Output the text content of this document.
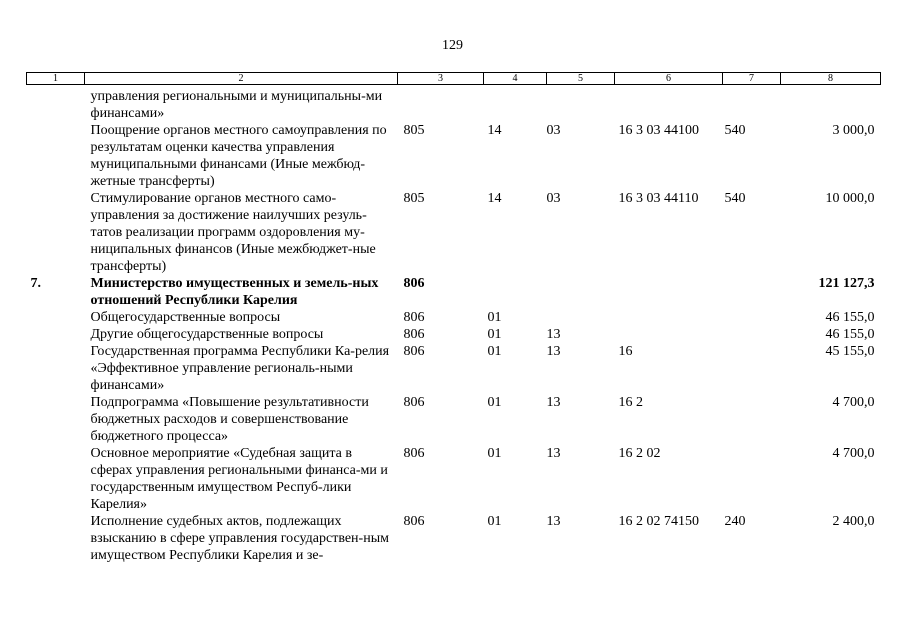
129
1	2	3	4	5	6	7	8
	управления региональными и муниципальны-ми финансами»						
	Поощрение органов местного самоуправления по результатам оценки качества управления муниципальными финансами (Иные межбюд-жетные трансферты)	805	14	03	16 3 03 44100	540	3 000,0
	Стимулирование органов местного само-управления за достижение наилучших резуль-татов реализации программ оздоровления му-ниципальных финансов (Иные межбюджет-ные трансферты)	805	14	03	16 3 03 44110	540	10 000,0
7.	Министерство имущественных и земель-ных отношений Республики Карелия	806					121 127,3
	Общегосударственные вопросы	806	01				46 155,0
	Другие общегосударственные вопросы	806	01	13			46 155,0
	Государственная программа Республики Ка-релия «Эффективное управление региональ-ными финансами»	806	01	13	16		45 155,0
	Подпрограмма «Повышение результативности бюджетных расходов и совершенствование бюджетного процесса»	806	01	13	16 2		4 700,0
	Основное мероприятие «Судебная защита в сферах управления региональными финанса-ми и государственным имуществом Респуб-лики Карелия»	806	01	13	16 2 02		4 700,0
	Исполнение судебных актов, подлежащих взысканию в сфере управления государствен-ным имуществом Республики Карелия и зе-	806	01	13	16 2 02 74150	240	2 400,0
